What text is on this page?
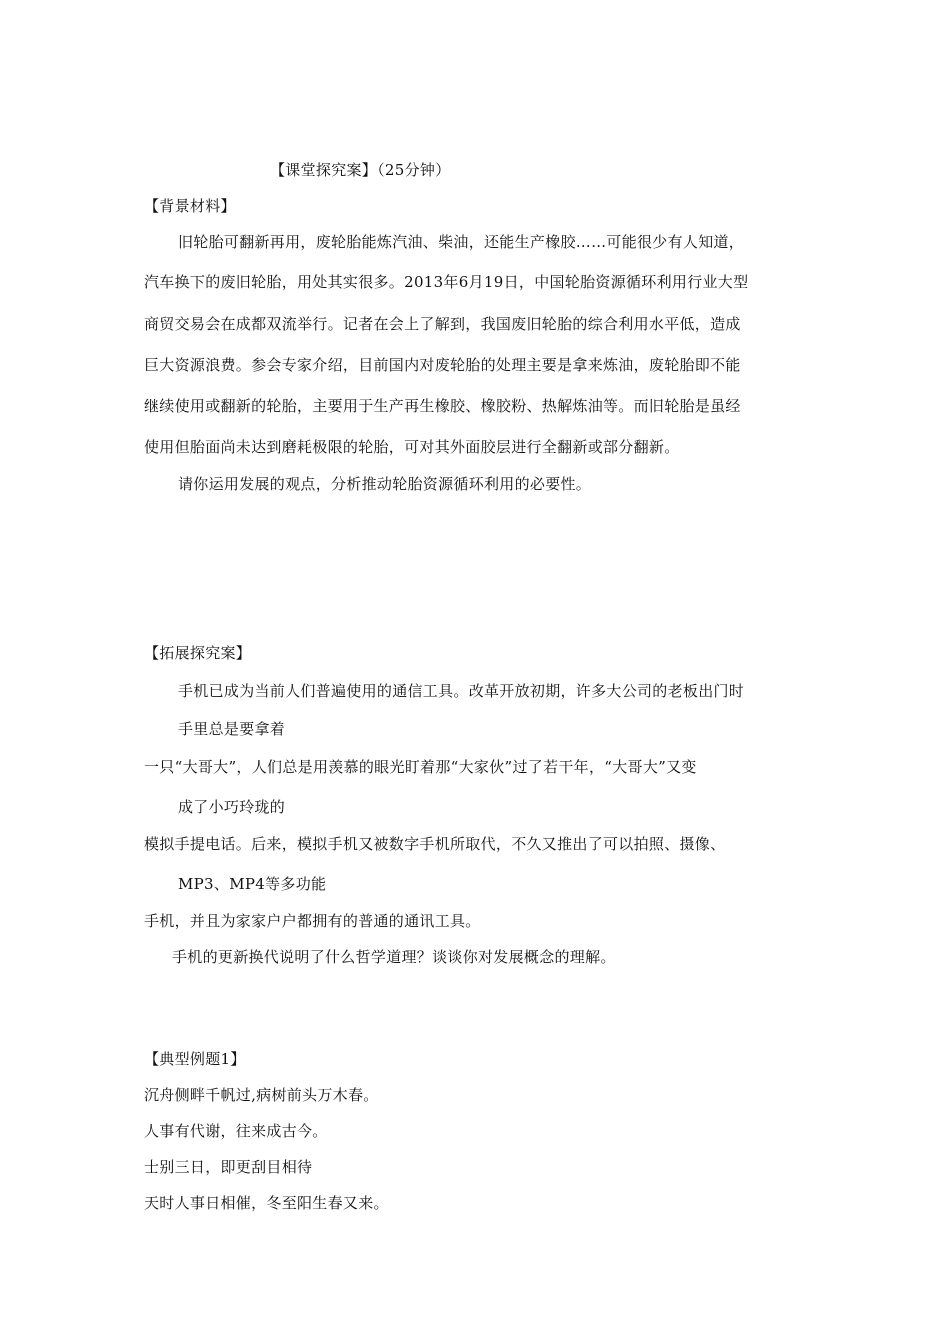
【课堂探究案】（25分钟）
【背景材料】
旧轮胎可翻新再用，废轮胎能炼汽油、柴油，还能生产橡胶……可能很少有人知道，
汽车换下的废旧轮胎，用处其实很多。2013年6月19日，中国轮胎资源循环利用行业大型
商贸交易会在成都双流举行。记者在会上了解到，我国废旧轮胎的综合利用水平低，造成
巨大资源浪费。参会专家介绍，目前国内对废轮胎的处理主要是拿来炼油，废轮胎即不能
继续使用或翻新的轮胎，主要用于生产再生橡胶、橡胶粉、热解炼油等。而旧轮胎是虽经
使用但胎面尚未达到磨耗极限的轮胎，可对其外面胶层进行全翻新或部分翻新。
请你运用发展的观点，分析推动轮胎资源循环利用的必要性。
【拓展探究案】
手机已成为当前人们普遍使用的通信工具。改革开放初期，许多大公司的老板出门时
手里总是要拿着
一只“大哥大”，人们总是用羡慕的眼光盯着那“大家伙”过了若干年，“大哥大”又变
成了小巧玲珑的
模拟手提电话。后来，模拟手机又被数字手机所取代，不久又推出了可以拍照、摄像、
MP3、MP4等多功能
手机，并且为家家户户都拥有的普通的通讯工具。
手机的更新换代说明了什么哲学道理？谈谈你对发展概念的理解。
【典型例题1】
沉舟侧畔千帆过,病树前头万木春。
人事有代谢，往来成古今。
士别三日，即更刮目相待
天时人事日相催，冬至阳生春又来。
